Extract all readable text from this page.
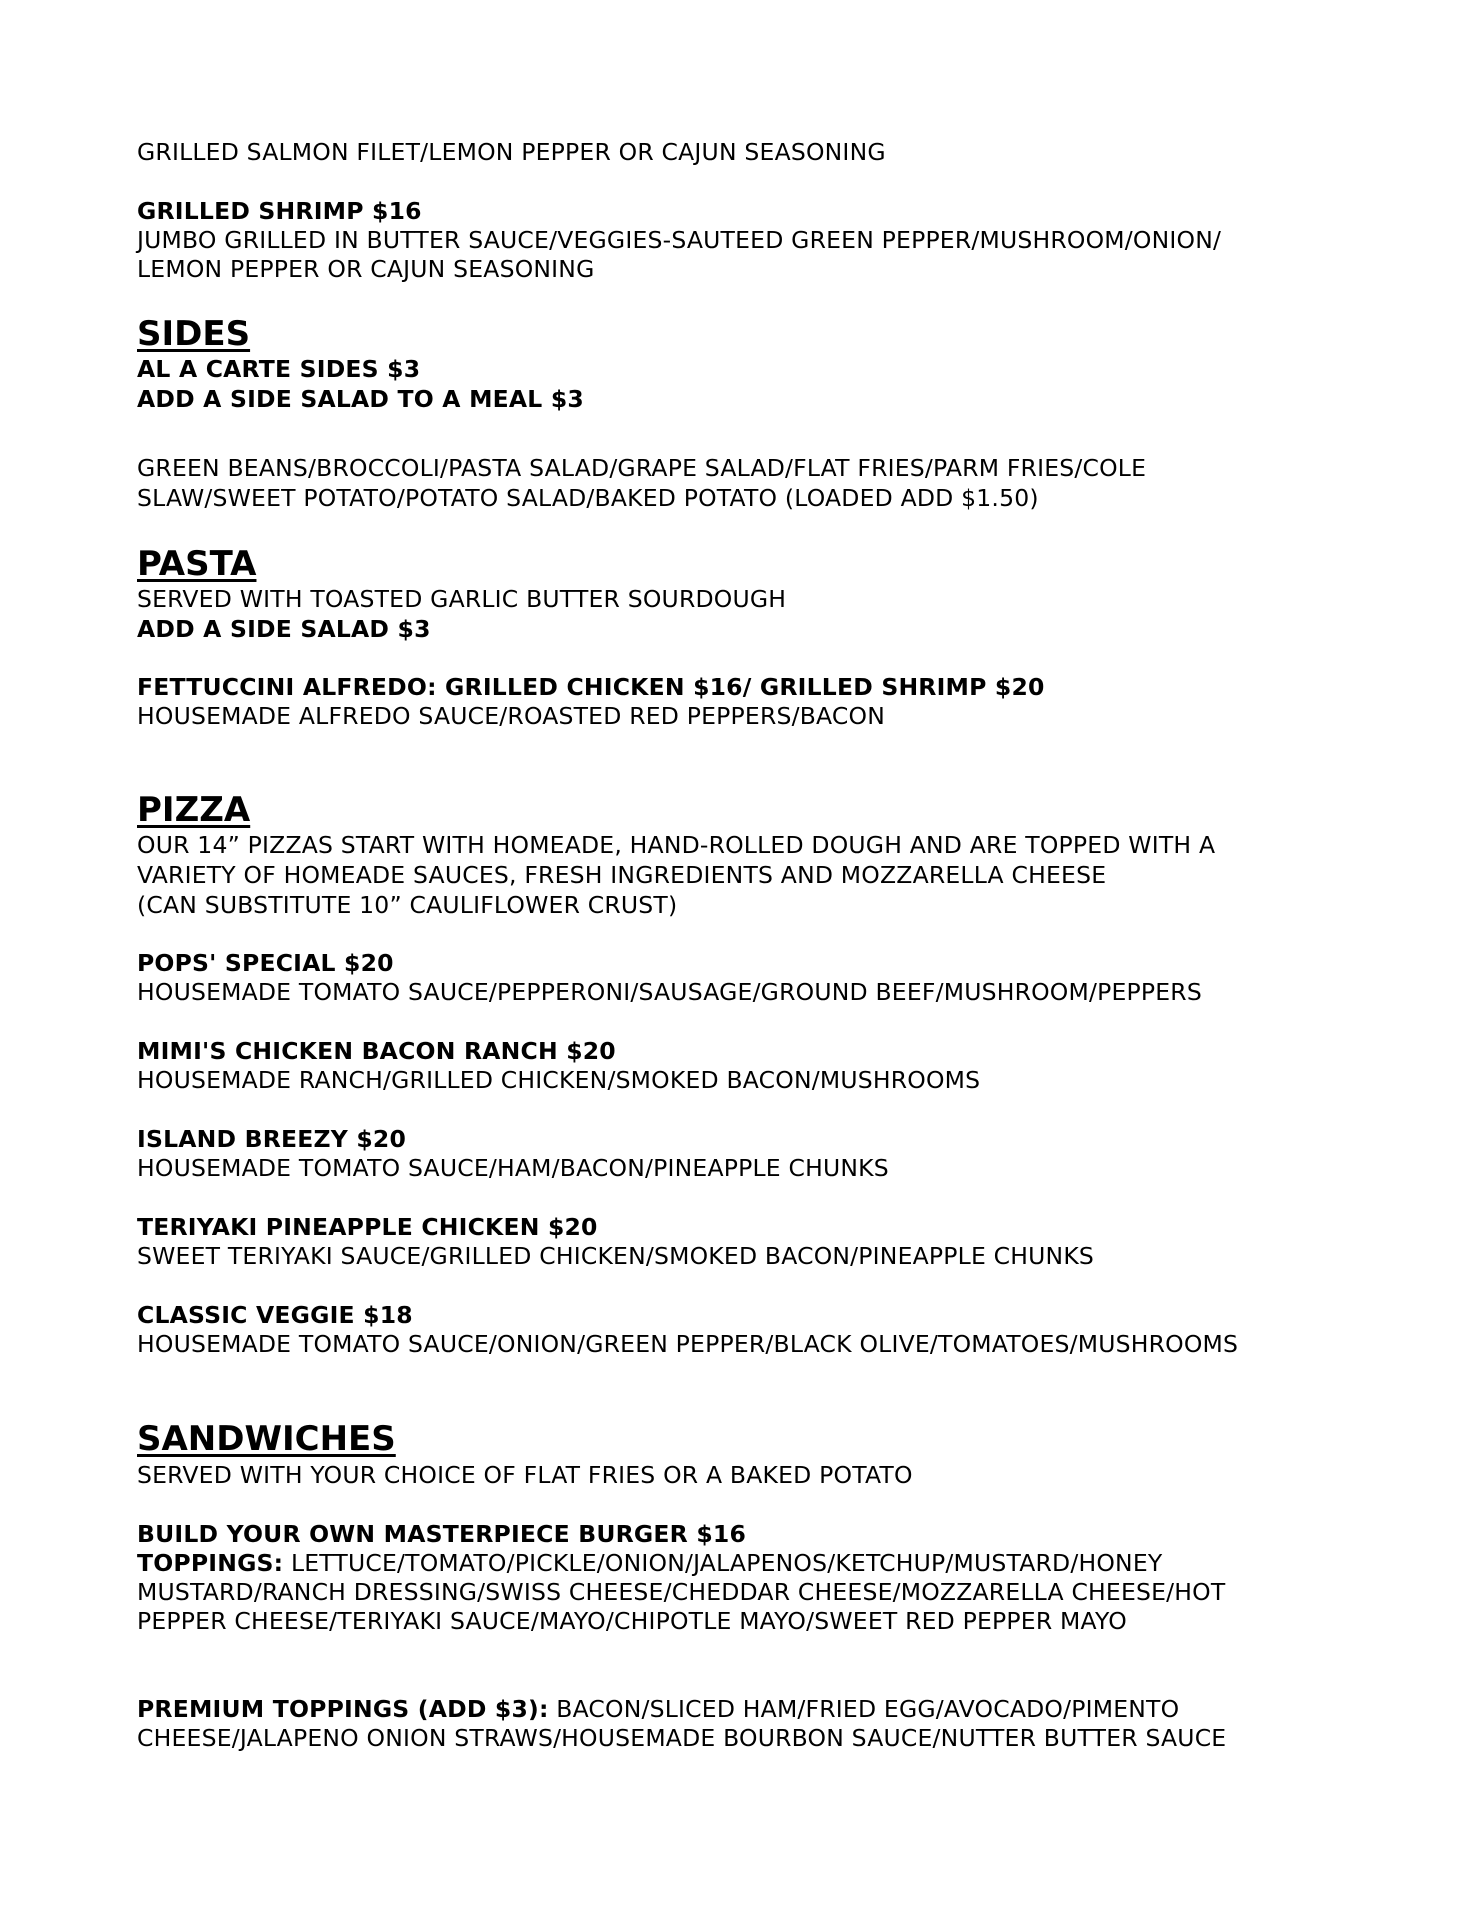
GRILLED SALMON FILET/LEMON PEPPER OR CAJUN SEASONING
GRILLED SHRIMP $16
JUMBO GRILLED IN BUTTER SAUCE/VEGGIES-SAUTEED GREEN PEPPER/MUSHROOM/ONION/
LEMON PEPPER OR CAJUN SEASONING
SIDES
AL A CARTE SIDES $3
ADD A SIDE SALAD TO A MEAL $3
GREEN BEANS/BROCCOLI/PASTA SALAD/GRAPE SALAD/FLAT FRIES/PARM FRIES/COLE
SLAW/SWEET POTATO/POTATO SALAD/BAKED POTATO (LOADED ADD $1.50)
PASTA
SERVED WITH TOASTED GARLIC BUTTER SOURDOUGH
ADD A SIDE SALAD $3
FETTUCCINI ALFREDO: GRILLED CHICKEN $16/ GRILLED SHRIMP $20
HOUSEMADE ALFREDO SAUCE/ROASTED RED PEPPERS/BACON
PIZZA
OUR 14” PIZZAS START WITH HOMEADE, HAND-ROLLED DOUGH AND ARE TOPPED WITH A
VARIETY OF HOMEADE SAUCES, FRESH INGREDIENTS AND MOZZARELLA CHEESE
(CAN SUBSTITUTE 10” CAULIFLOWER CRUST)
POPS' SPECIAL $20
HOUSEMADE TOMATO SAUCE/PEPPERONI/SAUSAGE/GROUND BEEF/MUSHROOM/PEPPERS
MIMI'S CHICKEN BACON RANCH $20
HOUSEMADE RANCH/GRILLED CHICKEN/SMOKED BACON/MUSHROOMS
ISLAND BREEZY $20
HOUSEMADE TOMATO SAUCE/HAM/BACON/PINEAPPLE CHUNKS
TERIYAKI PINEAPPLE CHICKEN $20
SWEET TERIYAKI SAUCE/GRILLED CHICKEN/SMOKED BACON/PINEAPPLE CHUNKS
CLASSIC VEGGIE $18
HOUSEMADE TOMATO SAUCE/ONION/GREEN PEPPER/BLACK OLIVE/TOMATOES/MUSHROOMS
SANDWICHES
SERVED WITH YOUR CHOICE OF FLAT FRIES OR A BAKED POTATO
BUILD YOUR OWN MASTERPIECE BURGER $16
TOPPINGS: LETTUCE/TOMATO/PICKLE/ONION/JALAPENOS/KETCHUP/MUSTARD/HONEY
MUSTARD/RANCH DRESSING/SWISS CHEESE/CHEDDAR CHEESE/MOZZARELLA CHEESE/HOT
PEPPER CHEESE/TERIYAKI SAUCE/MAYO/CHIPOTLE MAYO/SWEET RED PEPPER MAYO
PREMIUM TOPPINGS (ADD $3): BACON/SLICED HAM/FRIED EGG/AVOCADO/PIMENTO
CHEESE/JALAPENO ONION STRAWS/HOUSEMADE BOURBON SAUCE/NUTTER BUTTER SAUCE
